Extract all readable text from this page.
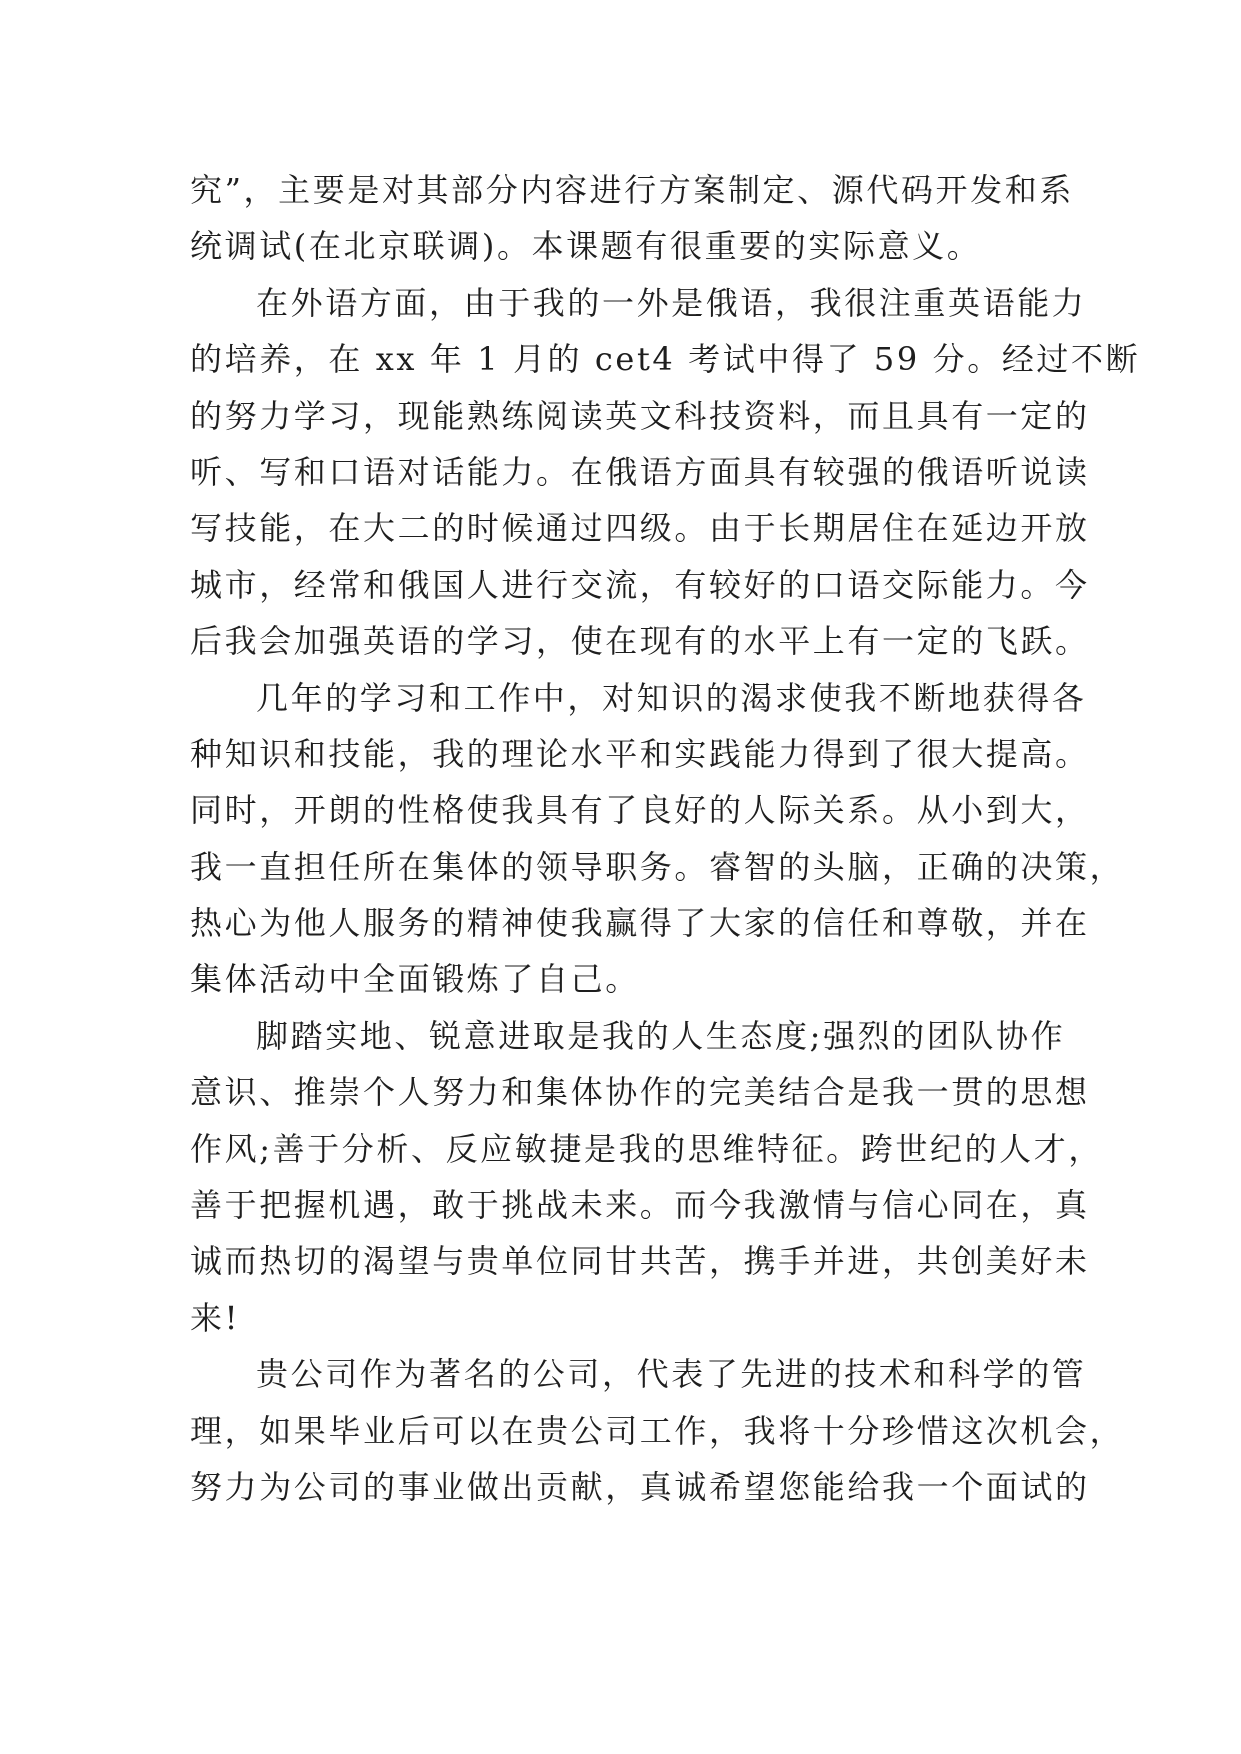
究”，主要是对其部分内容进行方案制定、源代码开发和系
统调试(在北京联调)。本课题有很重要的实际意义。
在外语方面，由于我的一外是俄语，我很注重英语能力
的培养，在 xx 年 1 月的 cet4 考试中得了 59 分。经过不断
的努力学习，现能熟练阅读英文科技资料，而且具有一定的
听、写和口语对话能力。在俄语方面具有较强的俄语听说读
写技能，在大二的时候通过四级。由于长期居住在延边开放
城市，经常和俄国人进行交流，有较好的口语交际能力。今
后我会加强英语的学习，使在现有的水平上有一定的飞跃。
几年的学习和工作中，对知识的渴求使我不断地获得各
种知识和技能，我的理论水平和实践能力得到了很大提高。
同时，开朗的性格使我具有了良好的人际关系。从小到大，
我一直担任所在集体的领导职务。睿智的头脑，正确的决策，
热心为他人服务的精神使我赢得了大家的信任和尊敬，并在
集体活动中全面锻炼了自己。
脚踏实地、锐意进取是我的人生态度;强烈的团队协作
意识、推崇个人努力和集体协作的完美结合是我一贯的思想
作风;善于分析、反应敏捷是我的思维特征。跨世纪的人才，
善于把握机遇，敢于挑战未来。而今我激情与信心同在，真
诚而热切的渴望与贵单位同甘共苦，携手并进，共创美好未
来!
贵公司作为著名的公司，代表了先进的技术和科学的管
理，如果毕业后可以在贵公司工作，我将十分珍惜这次机会，
努力为公司的事业做出贡献，真诚希望您能给我一个面试的
